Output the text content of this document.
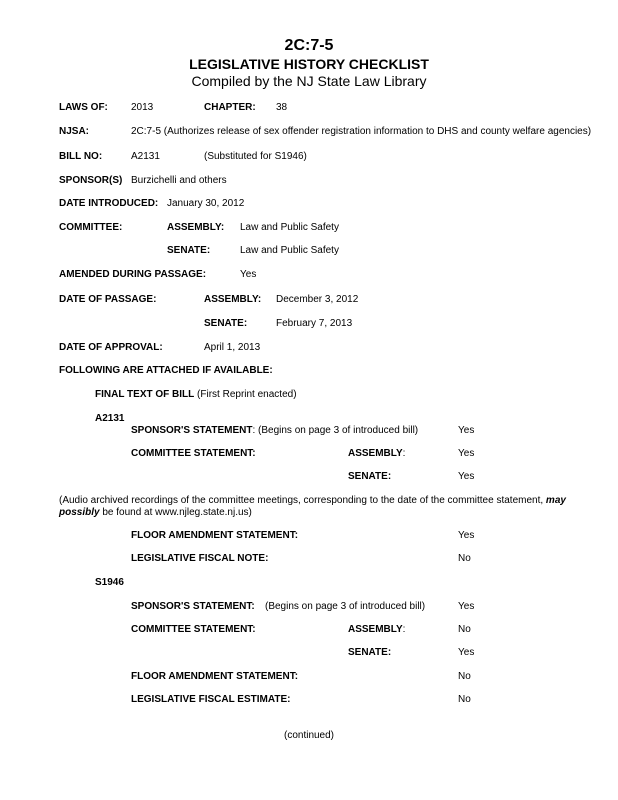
2C:7-5
LEGISLATIVE HISTORY CHECKLIST
Compiled by the NJ State Law Library
LAWS OF: 2013	CHAPTER: 38
NJSA:	2C:7-5 (Authorizes release of sex offender registration information to DHS and county welfare agencies)
BILL NO:	A2131	(Substituted for S1946)
SPONSOR(S) Burzichelli and others
DATE INTRODUCED: January 30, 2012
COMMITTEE:	ASSEMBLY: Law and Public Safety
SENATE:	Law and Public Safety
AMENDED DURING PASSAGE:	Yes
DATE OF PASSAGE:	ASSEMBLY: December 3, 2012
SENATE:	February 7, 2013
DATE OF APPROVAL:	April 1, 2013
FOLLOWING ARE ATTACHED IF AVAILABLE:
FINAL TEXT OF BILL (First Reprint enacted)
A2131
SPONSOR'S STATEMENT: (Begins on page 3 of introduced bill)	Yes
COMMITTEE STATEMENT:	ASSEMBLY:	Yes
SENATE:	Yes
(Audio archived recordings of the committee meetings, corresponding to the date of the committee statement, may possibly be found at www.njleg.state.nj.us)
FLOOR AMENDMENT STATEMENT:	Yes
LEGISLATIVE FISCAL NOTE:	No
S1946
SPONSOR'S STATEMENT: (Begins on page 3 of introduced bill)	Yes
COMMITTEE STATEMENT:	ASSEMBLY:	No
SENATE:	Yes
FLOOR AMENDMENT STATEMENT:	No
LEGISLATIVE FISCAL ESTIMATE:	No
(continued)
